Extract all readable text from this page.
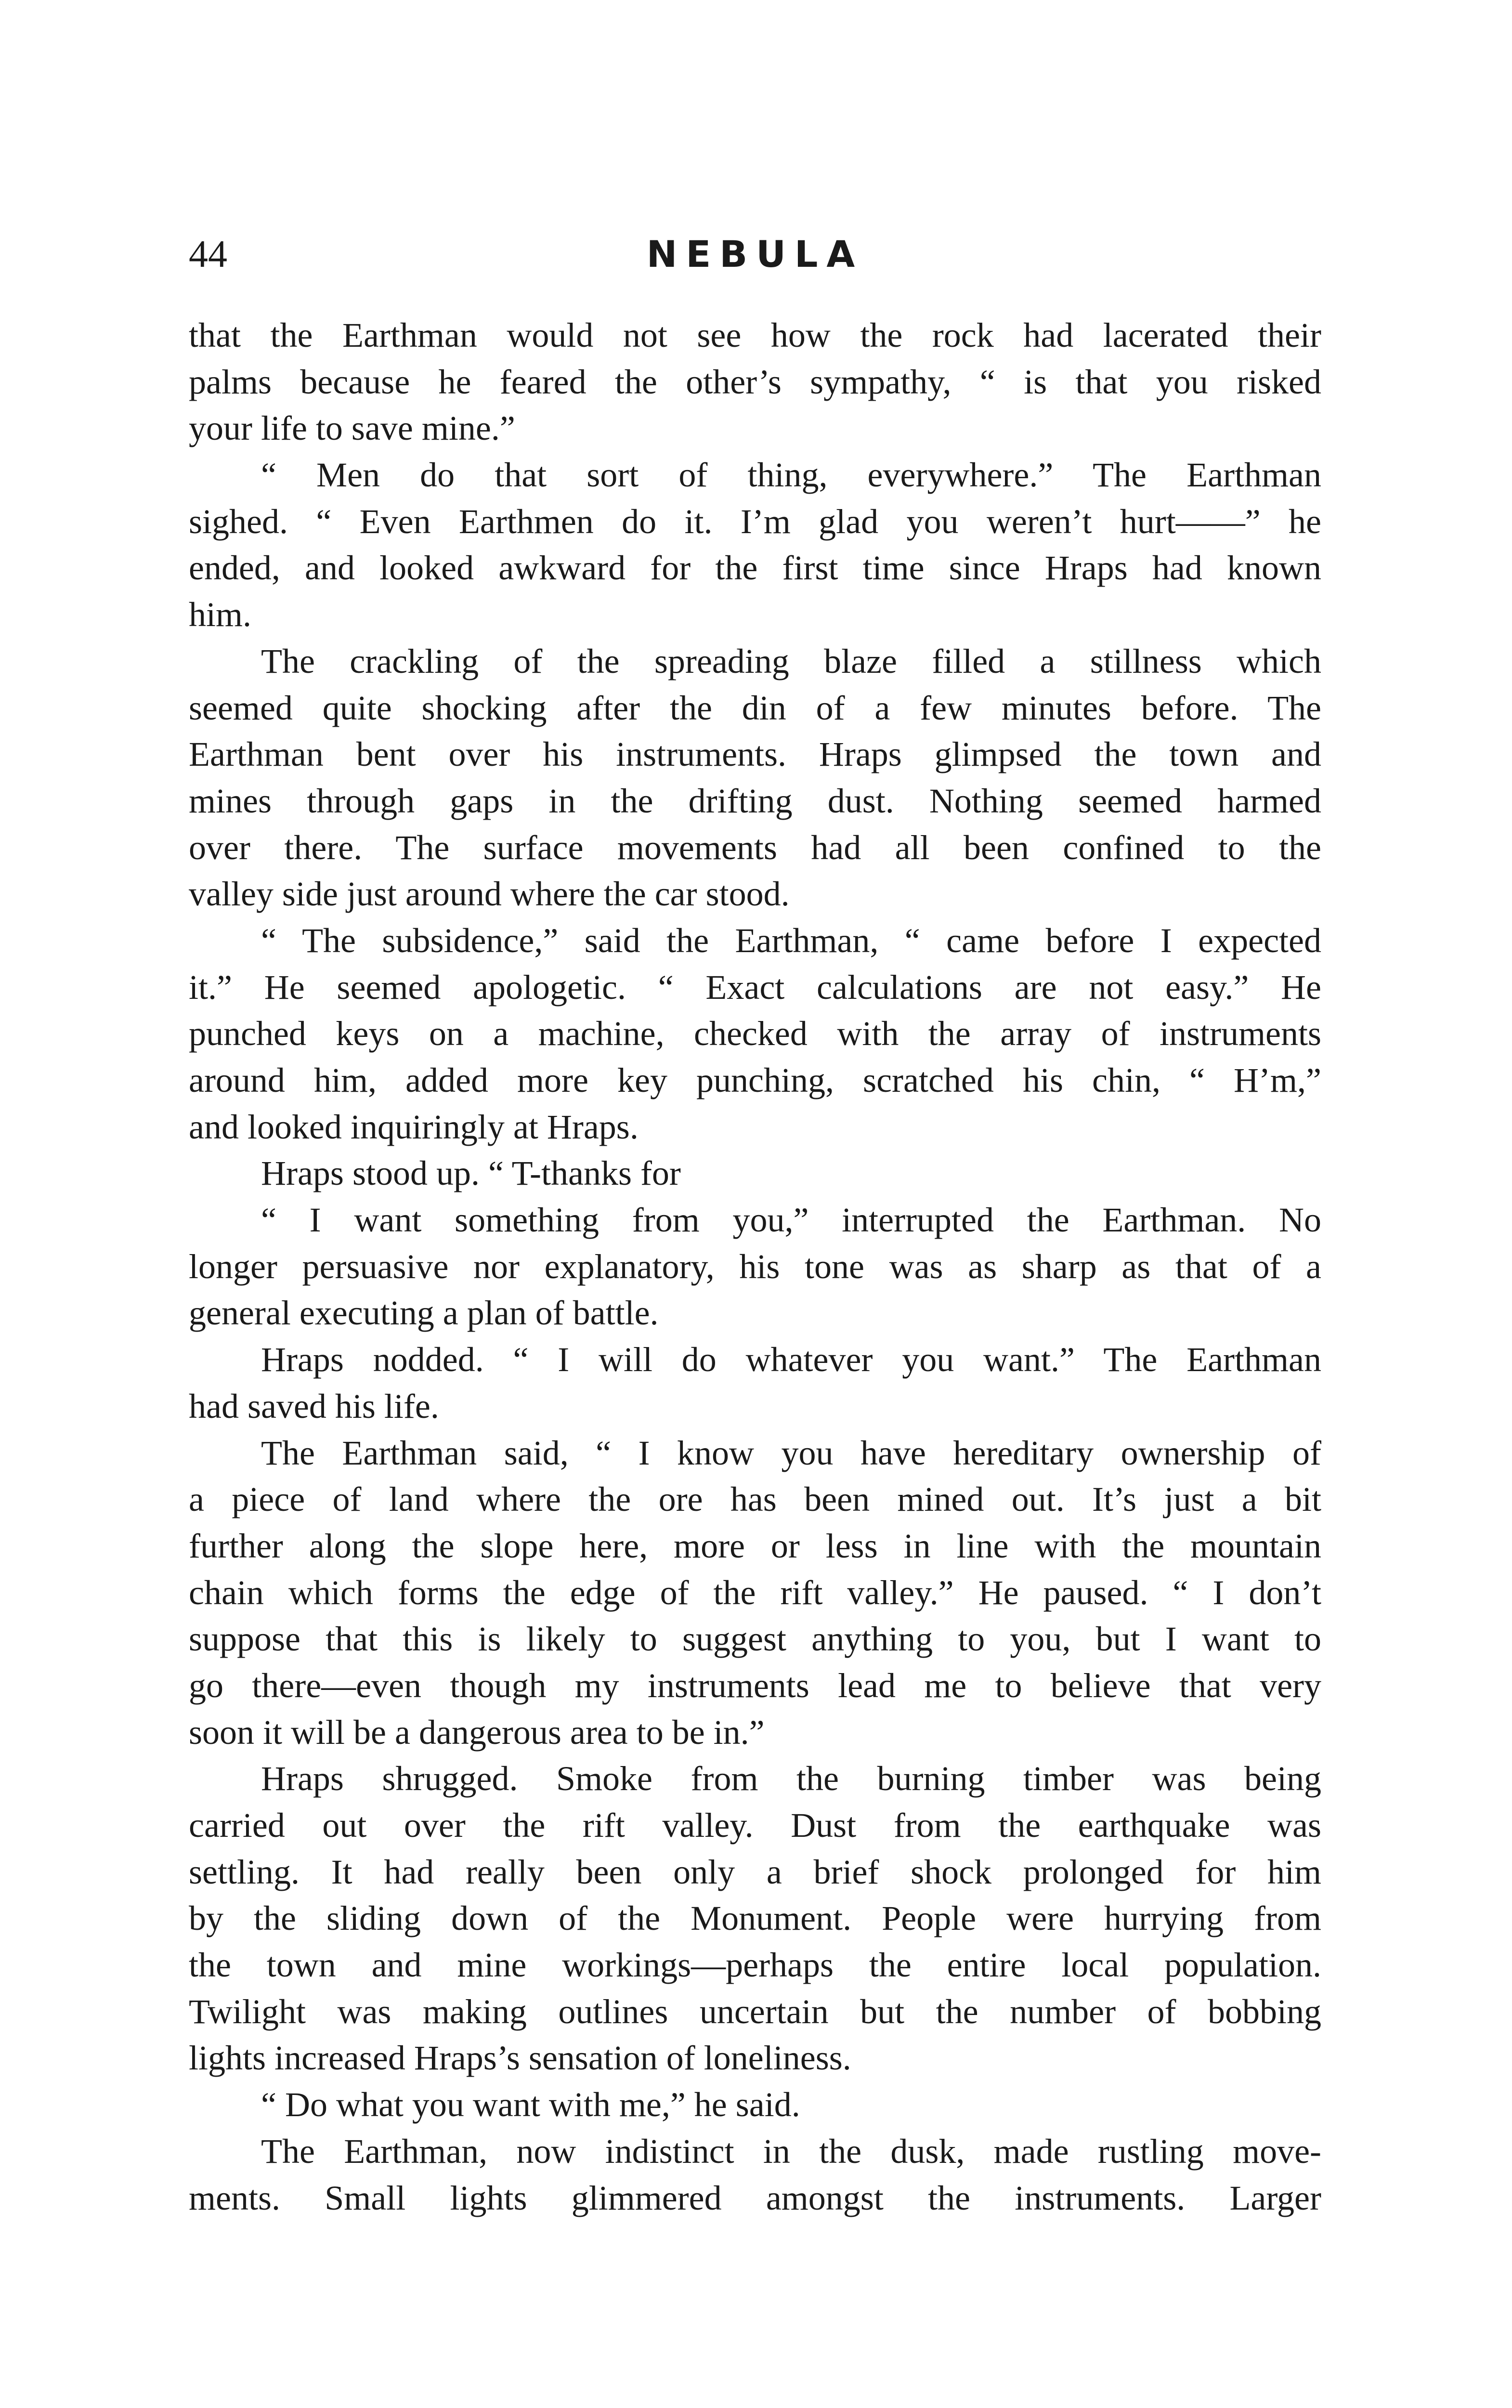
44	NEBULA
that the Earthman would not see how the rock had lacerated their
palms because he feared the other’s sympathy, “ is that you risked
your life to save mine.”
“ Men do that sort of thing, everywhere.” The Earthman
sighed. “ Even Earthmen do it. I’m glad you weren’t hurt——” he
ended, and looked awkward for the first time since Hraps had known
him.
The crackling of the spreading blaze filled a stillness which
seemed quite shocking after the din of a few minutes before. The
Earthman bent over his instruments. Hraps glimpsed the town and
mines through gaps in the drifting dust. Nothing seemed harmed
over there. The surface movements had all been confined to the
valley side just around where the car stood.
“ The subsidence,” said the Earthman, “ came before I expected
it.” He seemed apologetic. “ Exact calculations are not easy.” He
punched keys on a machine, checked with the array of instruments
around him, added more key punching, scratched his chin, “ H’m,”
and looked inquiringly at Hraps.
Hraps stood up. “ T-thanks for
“ I want something from you,” interrupted the Earthman. No
longer persuasive nor explanatory, his tone was as sharp as that of a
general executing a plan of battle.
Hraps nodded. “ I will do whatever you want.” The Earthman
had saved his life.
The Earthman said, “ I know you have hereditary ownership of
a piece of land where the ore has been mined out. It’s just a bit
further along the slope here, more or less in line with the mountain
chain which forms the edge of the rift valley.” He paused. “ I don’t
suppose that this is likely to suggest anything to you, but I want to
go there—even though my instruments lead me to believe that very
soon it will be a dangerous area to be in.”
Hraps shrugged. Smoke from the burning timber was being
carried out over the rift valley. Dust from the earthquake was
settling. It had really been only a brief shock prolonged for him
by the sliding down of the Monument. People were hurrying from
the town and mine workings—perhaps the entire local population.
Twilight was making outlines uncertain but the number of bobbing
lights increased Hraps’s sensation of loneliness.
“ Do what you want with me,” he said.
The Earthman, now indistinct in the dusk, made rustling move-
ments. Small lights glimmered amongst the instruments. Larger
